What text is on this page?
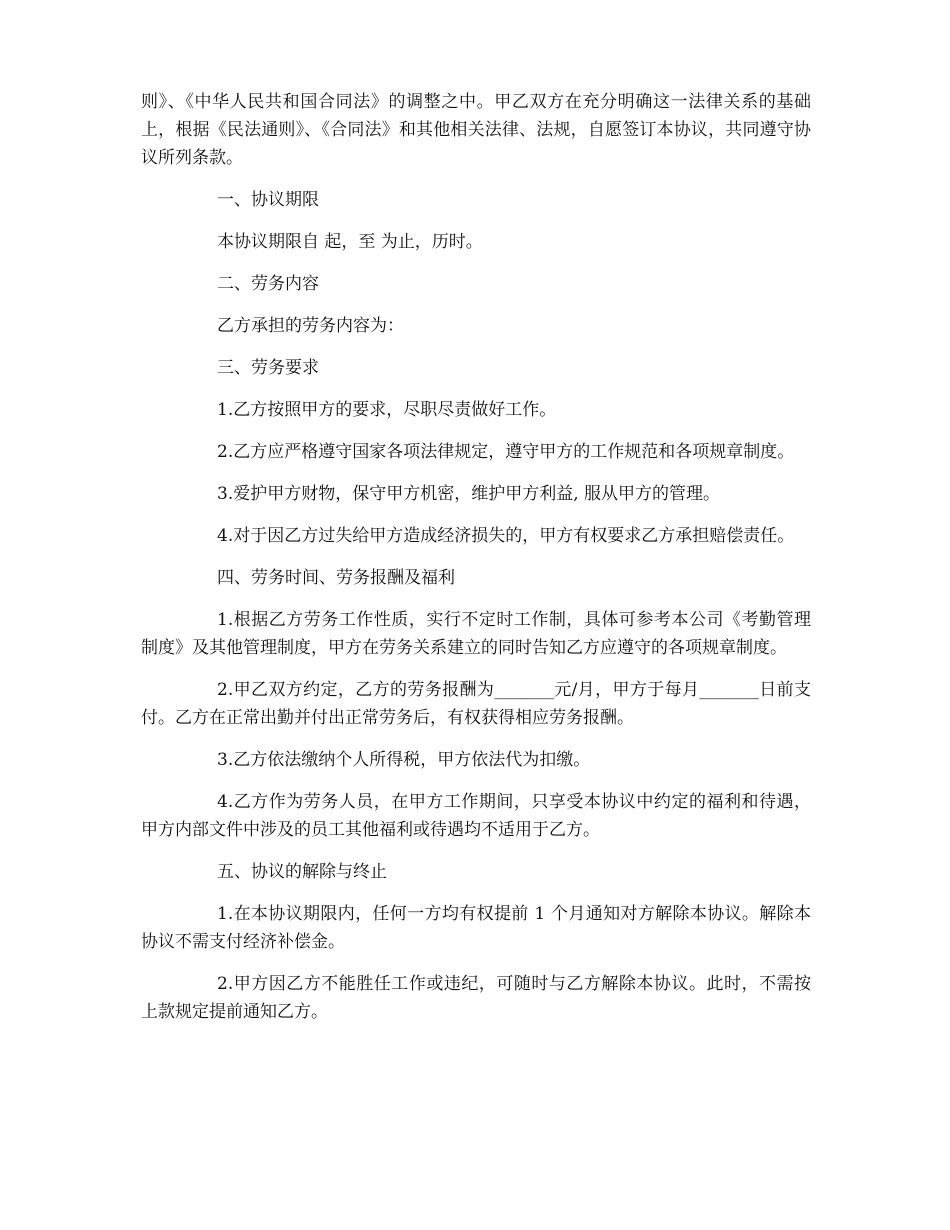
则》、《中华人民共和国合同法》的调整之中。甲乙双方在充分明确这一法律关系的基础上，根据《民法通则》、《合同法》和其他相关法律、法规，自愿签订本协议，共同遵守协议所列条款。

一、协议期限

本协议期限自 起，至 为止，历时。

二、劳务内容

乙方承担的劳务内容为：

三、劳务要求

1.乙方按照甲方的要求，尽职尽责做好工作。

2.乙方应严格遵守国家各项法律规定，遵守甲方的工作规范和各项规章制度。

3.爱护甲方财物，保守甲方机密，维护甲方利益, 服从甲方的管理。

4.对于因乙方过失给甲方造成经济损失的，甲方有权要求乙方承担赔偿责任。

四、劳务时间、劳务报酬及福利

1.根据乙方劳务工作性质，实行不定时工作制，具体可参考本公司《考勤管理制度》及其他管理制度，甲方在劳务关系建立的同时告知乙方应遵守的各项规章制度。

2.甲乙双方约定，乙方的劳务报酬为_______元/月，甲方于每月_______日前支付。乙方在正常出勤并付出正常劳务后，有权获得相应劳务报酬。

3.乙方依法缴纳个人所得税，甲方依法代为扣缴。

4.乙方作为劳务人员，在甲方工作期间，只享受本协议中约定的福利和待遇，甲方内部文件中涉及的员工其他福利或待遇均不适用于乙方。

五、协议的解除与终止

1.在本协议期限内，任何一方均有权提前 1 个月通知对方解除本协议。解除本协议不需支付经济补偿金。

2.甲方因乙方不能胜任工作或违纪，可随时与乙方解除本协议。此时，不需按上款规定提前通知乙方。
